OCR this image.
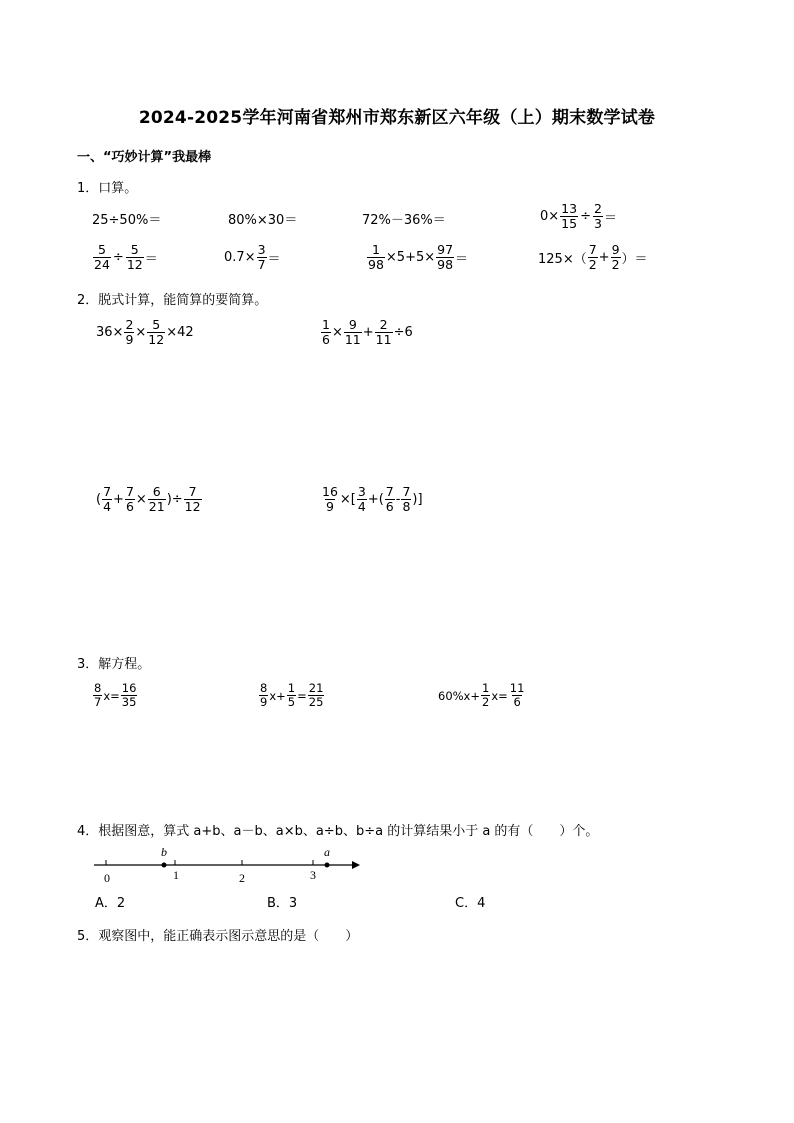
2024-2025学年河南省郑州市郑东新区六年级（上）期末数学试卷
一、“巧妙计算”我最棒
1．口算。
25÷50%＝	80%×30＝	72%－36%＝	$0\times \frac{13}{15} \div \frac{2}{3}$ ＝
$\frac{5}{24} \div \frac{5}{12}$ ＝	$0.7\times \frac{3}{7}$ ＝	$\frac{1}{98} \times 5+5\times \frac{97}{98}$ ＝	$125\times( \frac{7}{2} + \frac{9}{2}$ ）＝
2．脱式计算，能简算的要简算。
$36\times \frac{2}{9} \times \frac{5}{12} \times 42$	$\frac{1}{6} \times \frac{9}{11} + \frac{2}{11} \div 6$
( $\frac{7}{4} + \frac{7}{6} \times \frac{6}{21}$ )÷ $\frac{7}{12}$	$\frac{16}{9}$ ×[ $\frac{3}{4}$ +( $\frac{7}{6} - \frac{7}{8}$ )]
3．解方程。
$\frac{8}{7} x= \frac{16}{35}$	$\frac{8}{9} x+ \frac{1}{5} = \frac{21}{25}$	$60\%x+ \frac{1}{2} x= \frac{11}{6}$
4．根据图意，算式 a+b、a－b、a×b、a÷b、b÷a 的计算结果小于 a 的有（　　）个。
0	1	2	3
b	a
A．2	B．3	C．4
5．观察图中，能正确表示图示意思的是（　　）
